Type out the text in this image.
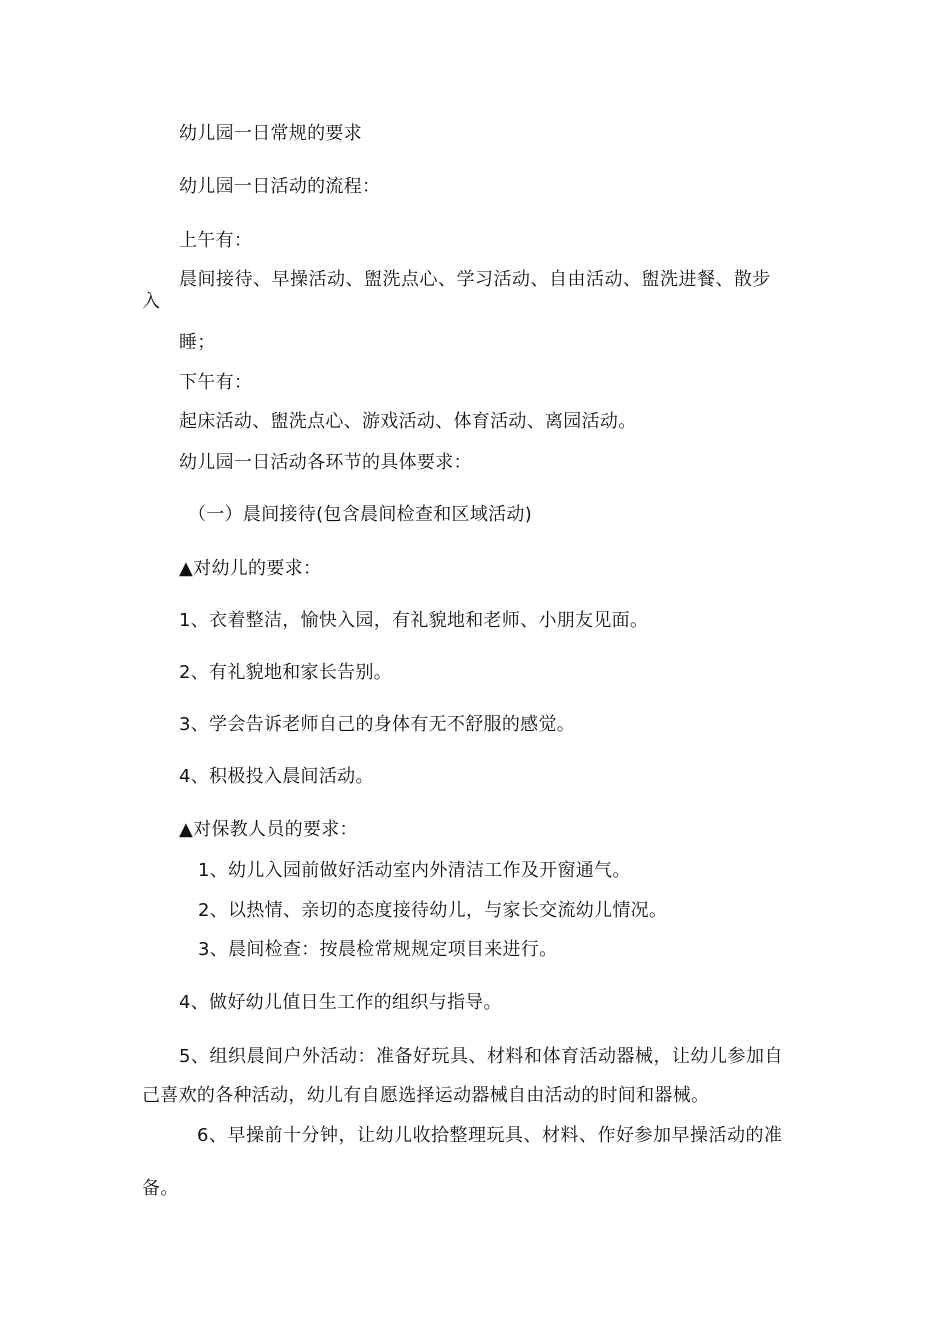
幼儿园一日常规的要求
幼儿园一日活动的流程：
上午有：
晨间接待、早操活动、盥洗点心、学习活动、自由活动、盥洗进餐、散步
入
睡；
下午有：
起床活动、盥洗点心、游戏活动、体育活动、离园活动。
幼儿园一日活动各环节的具体要求：
（一）晨间接待(包含晨间检查和区域活动)
▲对幼儿的要求：
1、衣着整洁，愉快入园，有礼貌地和老师、小朋友见面。
2、有礼貌地和家长告别。
3、学会告诉老师自己的身体有无不舒服的感觉。
4、积极投入晨间活动。
▲对保教人员的要求：
1、幼儿入园前做好活动室内外清洁工作及开窗通气。
2、以热情、亲切的态度接待幼儿，与家长交流幼儿情况。
3、晨间检查：按晨检常规规定项目来进行。
4、做好幼儿值日生工作的组织与指导。
5、组织晨间户外活动：准备好玩具、材料和体育活动器械，让幼儿参加自
己喜欢的各种活动，幼儿有自愿选择运动器械自由活动的时间和器械。
6、早操前十分钟，让幼儿收拾整理玩具、材料、作好参加早操活动的准
备。
